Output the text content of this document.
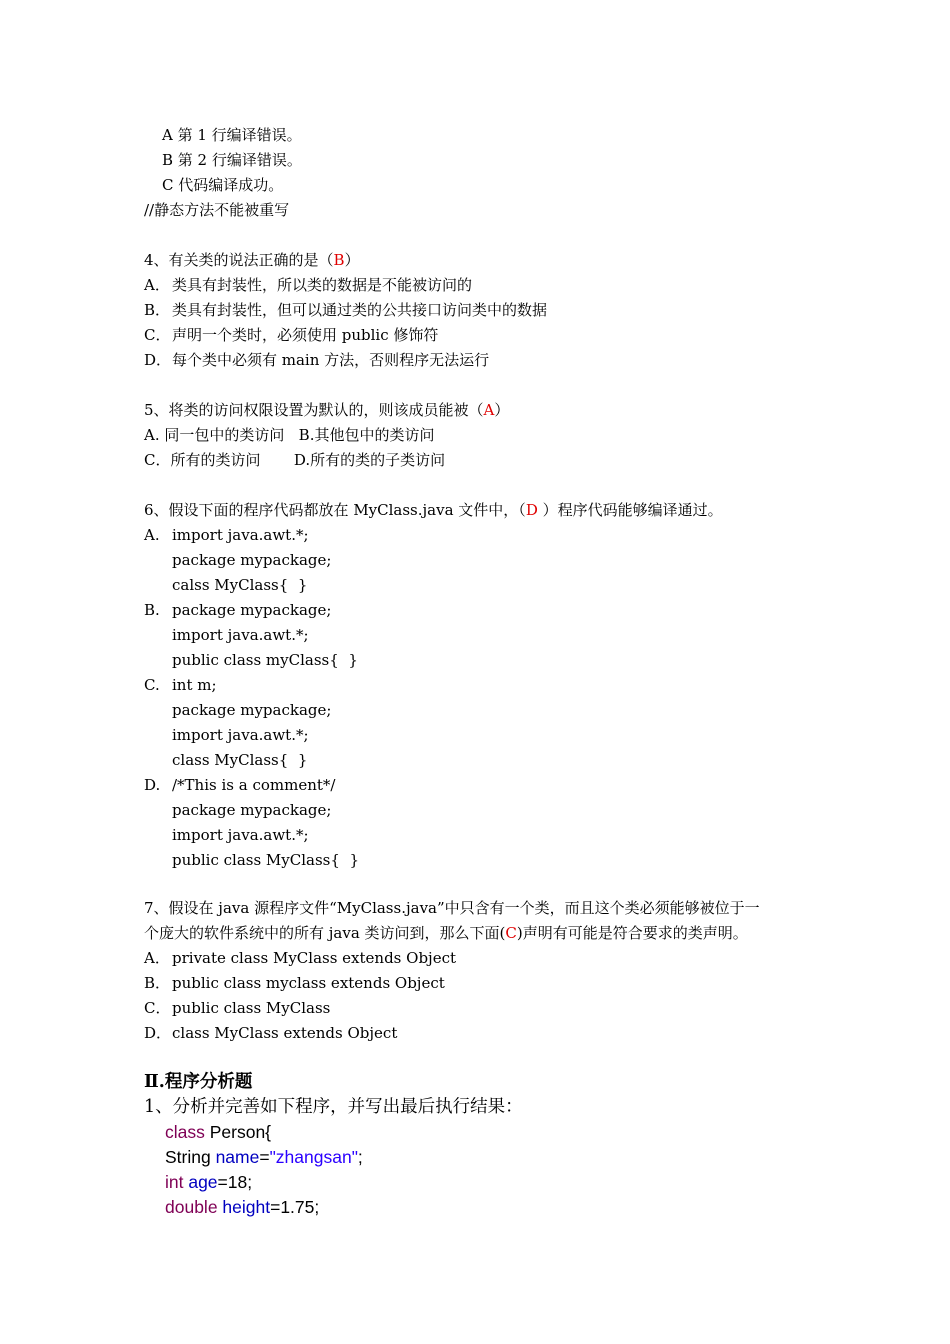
A 第 1 行编译错误。
B 第 2 行编译错误。
C 代码编译成功。
//静态方法不能被重写
4、有关类的说法正确的是（B）
A． 类具有封装性，所以类的数据是不能被访问的
B． 类具有封装性，但可以通过类的公共接口访问类中的数据
C． 声明一个类时，必须使用 public 修饰符
D．每个类中必须有 main 方法，否则程序无法运行
5、将类的访问权限设置为默认的，则该成员能被（A）
A. 同一包中的类访问   B.其他包中的类访问
C．所有的类访问       D.所有的类的子类访问
6、假设下面的程序代码都放在 MyClass.java 文件中，（D ）程序代码能够编译通过。
A. import java.awt.*;
package mypackage;
calss MyClass{  }
B. package mypackage;
import java.awt.*;
public class myClass{  }
C. int m;
package mypackage;
import java.awt.*;
class MyClass{  }
D. /*This is a comment*/
package mypackage;
import java.awt.*;
public class MyClass{  }
7、假设在 java 源程序文件“MyClass.java”中只含有一个类，而且这个类必须能够被位于一
个庞大的软件系统中的所有 java 类访问到，那么下面(C)声明有可能是符合要求的类声明。
A． private class MyClass extends Object
B． public class myclass extends Object
C． public class MyClass
D．class MyClass extends Object
Ⅱ.程序分析题
1、分析并完善如下程序，并写出最后执行结果：
class Person{
String name="zhangsan";
int age=18;
double height=1.75;
